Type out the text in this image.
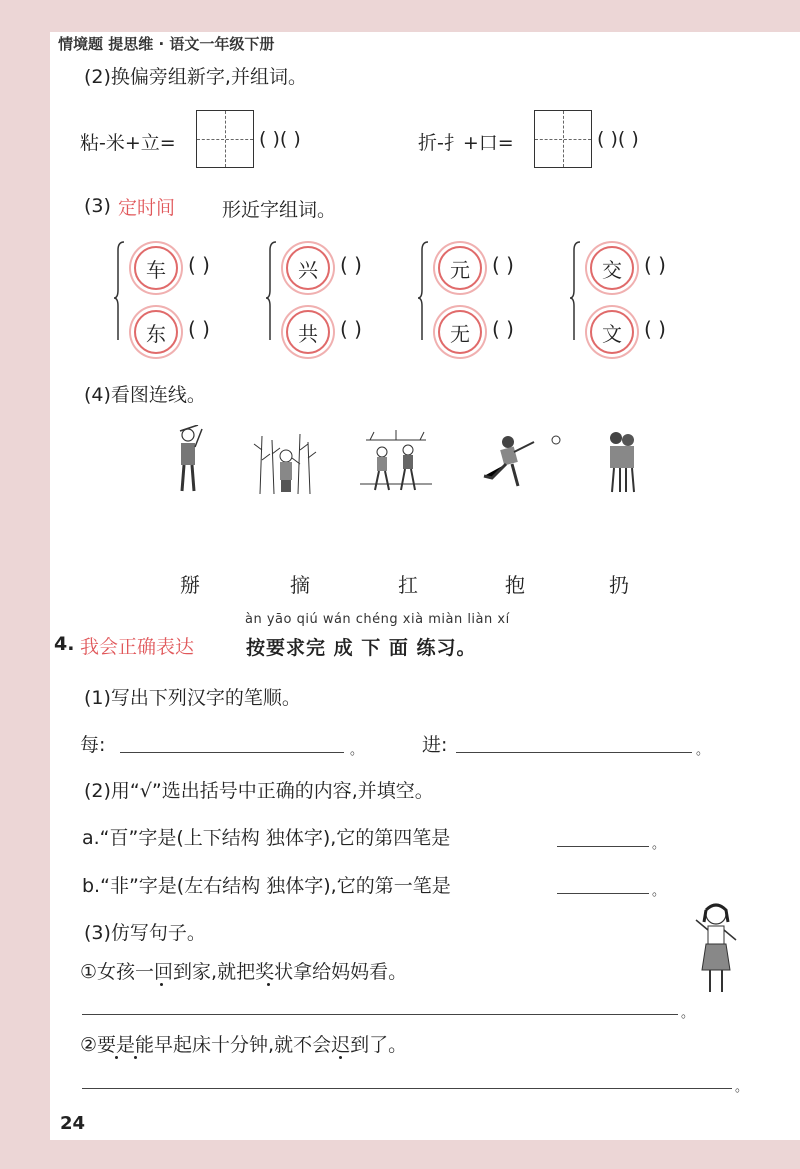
情境题 提思维 · 语文一年级下册
(2)换偏旁组新字,并组词。
粘-米+立=	( )( )	折-扌+口=	( )( )
(3) 定时间 形近字组词。
车	( )
东	( )
兴	( )
共	( )
元	( )
无	( )
交	( )
文	( )
(4)看图连线。
掰	摘	扛	抱	扔
àn yāo qiú wán chéng xià miàn liàn xí
4. 我会正确表达	按要求完 成 下 面 练习。
(1)写出下列汉字的笔顺。
每:	。	进:	。
(2)用“√”选出括号中正确的内容,并填空。
a.“百”字是(上下结构 独体字),它的第四笔是	。
b.“非”字是(左右结构 独体字),它的第一笔是	。
(3)仿写句子。
①女孩一回到家,就把奖状拿给妈妈看。
。
②要是能早起床十分钟,就不会迟到了。
。
24
